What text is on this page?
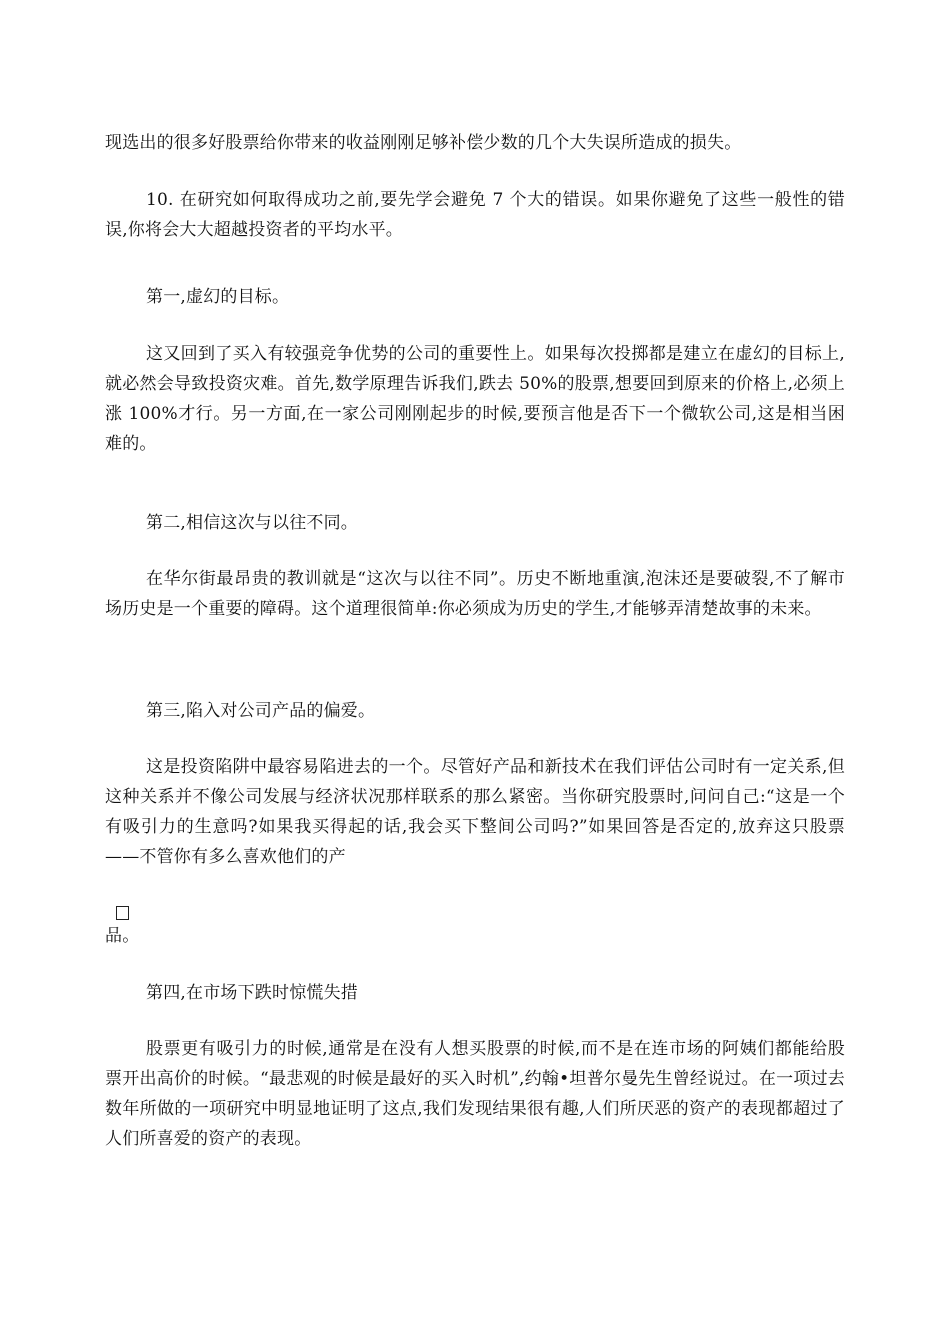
现选出的很多好股票给你带来的收益刚刚足够补偿少数的几个大失误所造成的损失。

10. 在研究如何取得成功之前,要先学会避免 7 个大的错误。如果你避免了这些一般性的错误,你将会大大超越投资者的平均水平。

第一,虚幻的目标。

这又回到了买入有较强竞争优势的公司的重要性上。如果每次投掷都是建立在虚幻的目标上,就必然会导致投资灾难。首先,数学原理告诉我们,跌去 50%的股票,想要回到原来的价格上,必须上涨 100%才行。另一方面,在一家公司刚刚起步的时候,要预言他是否下一个微软公司,这是相当困难的。

第二,相信这次与以往不同。

在华尔街最昂贵的教训就是“这次与以往不同”。历史不断地重演,泡沫还是要破裂,不了解市场历史是一个重要的障碍。这个道理很简单:你必须成为历史的学生,才能够弄清楚故事的未来。

第三,陷入对公司产品的偏爱。

这是投资陷阱中最容易陷进去的一个。尽管好产品和新技术在我们评估公司时有一定关系,但这种关系并不像公司发展与经济状况那样联系的那么紧密。当你研究股票时,问问自己:“这是一个有吸引力的生意吗?如果我买得起的话,我会买下整间公司吗?”如果回答是否定的,放弃这只股票——不管你有多么喜欢他们的产

品。

第四,在市场下跌时惊慌失措

股票更有吸引力的时候,通常是在没有人想买股票的时候,而不是在连市场的阿姨们都能给股票开出高价的时候。“最悲观的时候是最好的买入时机”,约翰•坦普尔曼先生曾经说过。在一项过去数年所做的一项研究中明显地证明了这点,我们发现结果很有趣,人们所厌恶的资产的表现都超过了人们所喜爱的资产的表现。
